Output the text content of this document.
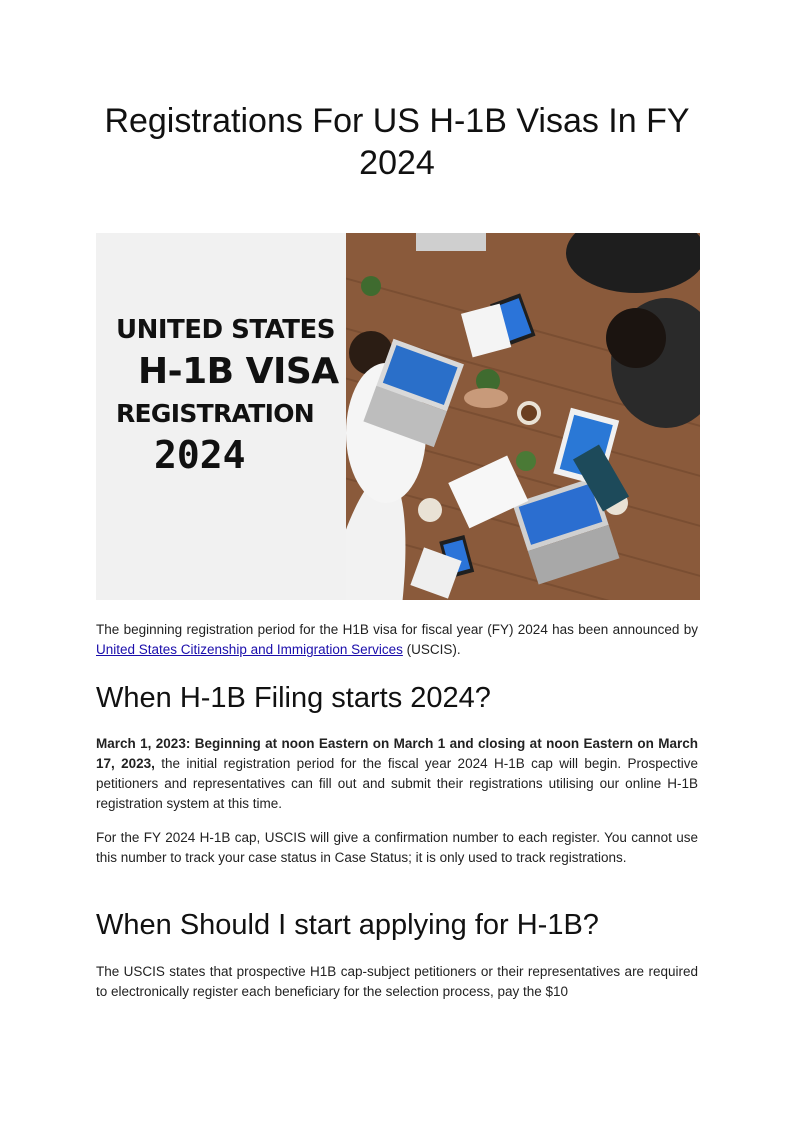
Registrations For US H-1B Visas In FY 2024
UNITED STATES
H-1B VISA
REGISTRATION
2024

The beginning registration period for the H1B visa for fiscal year (FY) 2024 has been announced by United States Citizenship and Immigration Services (USCIS).

When H-1B Filing starts 2024?

March 1, 2023: Beginning at noon Eastern on March 1 and closing at noon Eastern on March 17, 2023, the initial registration period for the fiscal year 2024 H-1B cap will begin. Prospective petitioners and representatives can fill out and submit their registrations utilising our online H-1B registration system at this time.

For the FY 2024 H-1B cap, USCIS will give a confirmation number to each register. You cannot use this number to track your case status in Case Status; it is only used to track registrations.

When Should I start applying for H-1B?

The USCIS states that prospective H1B cap-subject petitioners or their representatives are required to electronically register each beneficiary for the selection process, pay the $10
